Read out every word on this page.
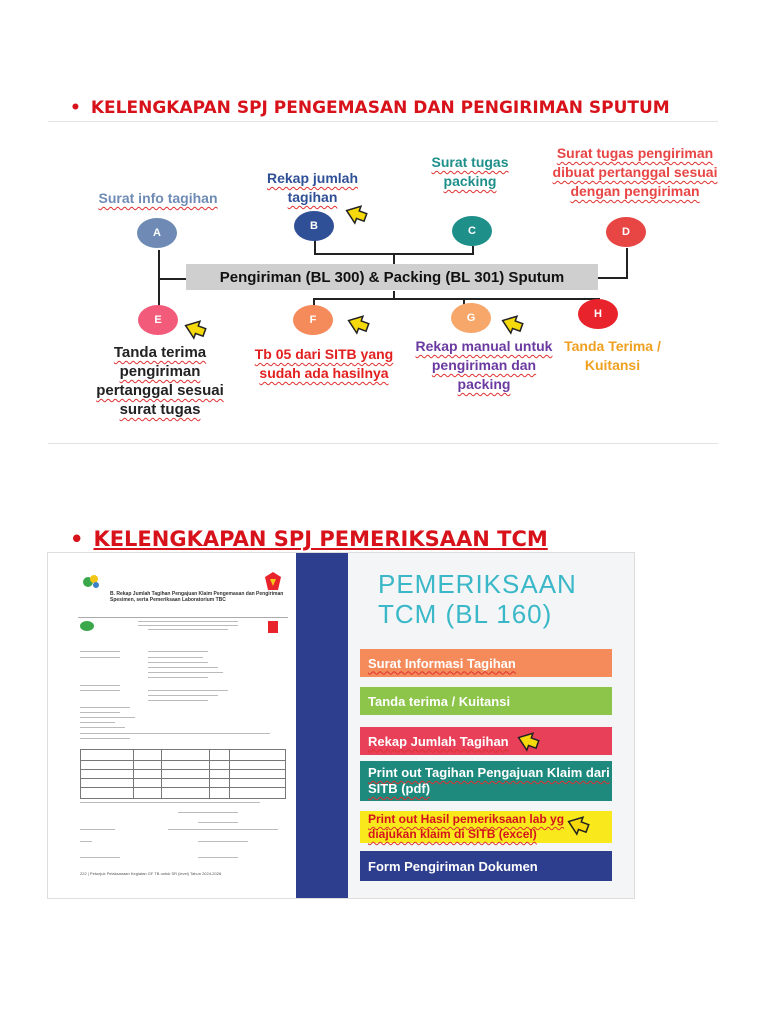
• KELENGKAPAN SPJ PENGEMASAN DAN PENGIRIMAN SPUTUM
Pengiriman (BL 300) & Packing (BL 301) Sputum
A
B	C	D
E	F	G	H
Surat info tagihan
Rekap jumlah tagihan
Surat tugas packing
Surat tugas pengiriman dibuat pertanggal sesuai dengan pengiriman
Tanda terima pengiriman pertanggal sesuai surat tugas
Tb 05 dari SITB yang sudah ada hasilnya
Rekap manual untuk pengiriman dan packing
Tanda Terima / Kuitansi
• KELENGKAPAN SPJ PEMERIKSAAN TCM
B. Rekap Jumlah Tagihan Pengajuan Klaim Pengemasan dan Pengiriman Spesimen, serta Pemeriksaan Laboratorium TBC
222 | Petunjuk Pelaksanaan Kegiatan GF TB untuk SR (level) Tahun 2024-2026
PEMERIKSAAN
TCM (BL 160)
Surat Informasi Tagihan
Tanda terima / Kuitansi
Rekap Jumlah Tagihan
Print out Tagihan Pengajuan Klaim dari SITB (pdf)
Print out Hasil pemeriksaan lab yg diajukan klaim di SITB (excel)
Form Pengiriman Dokumen
